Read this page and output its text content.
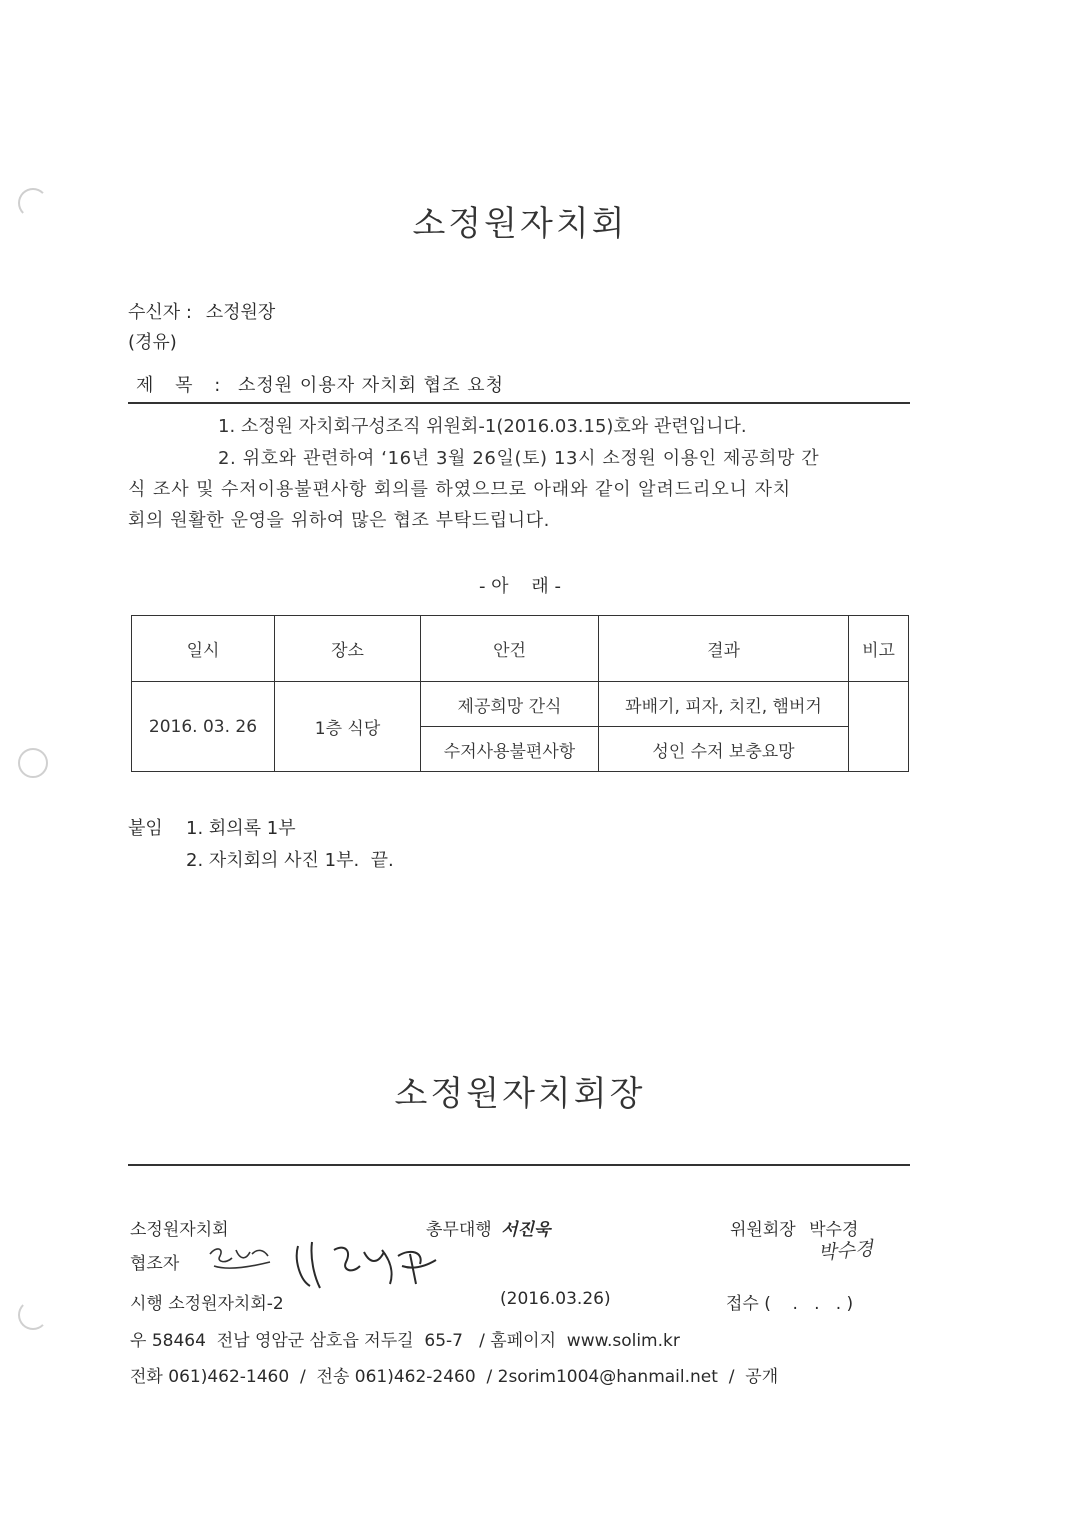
소정원자치회
수신자 : 소정원장
(경유)
제 목 : 소정원 이용자 자치회 협조 요청
1. 소정원 자치회구성조직 위원회-1(2016.03.15)호와 관련입니다.
2. 위호와 관련하여 ‘16년 3월 26일(토) 13시 소정원 이용인 제공희망 간
식 조사 및 수저이용불편사항 회의를 하였으므로 아래와 같이 알려드리오니 자치
회의 원활한 운영을 위하여 많은 협조 부탁드립니다.
- 아    래 -
일시	장소	안건	결과	비고
2016. 03. 26	1층 식당	제공희망 간식	꽈배기, 피자, 치킨, 햄버거	
		수저사용불편사항	성인 수저 보충요망	
붙임 1. 회의록 1부
2. 자치회의 사진 1부.  끝.
소정원자치회장
소정원자치회	총무대행 서진욱	위원회장 박수경
박수경
협조자
시행 소정원자치회-2	(2016.03.26)	접수 (    .   .   . )
우 58464  전남 영암군 삼호읍 저두길  65-7   / 홈페이지  www.solim.kr
전화 061)462-1460  /  전송 061)462-2460  / 2sorim1004@hanmail.net  /  공개
